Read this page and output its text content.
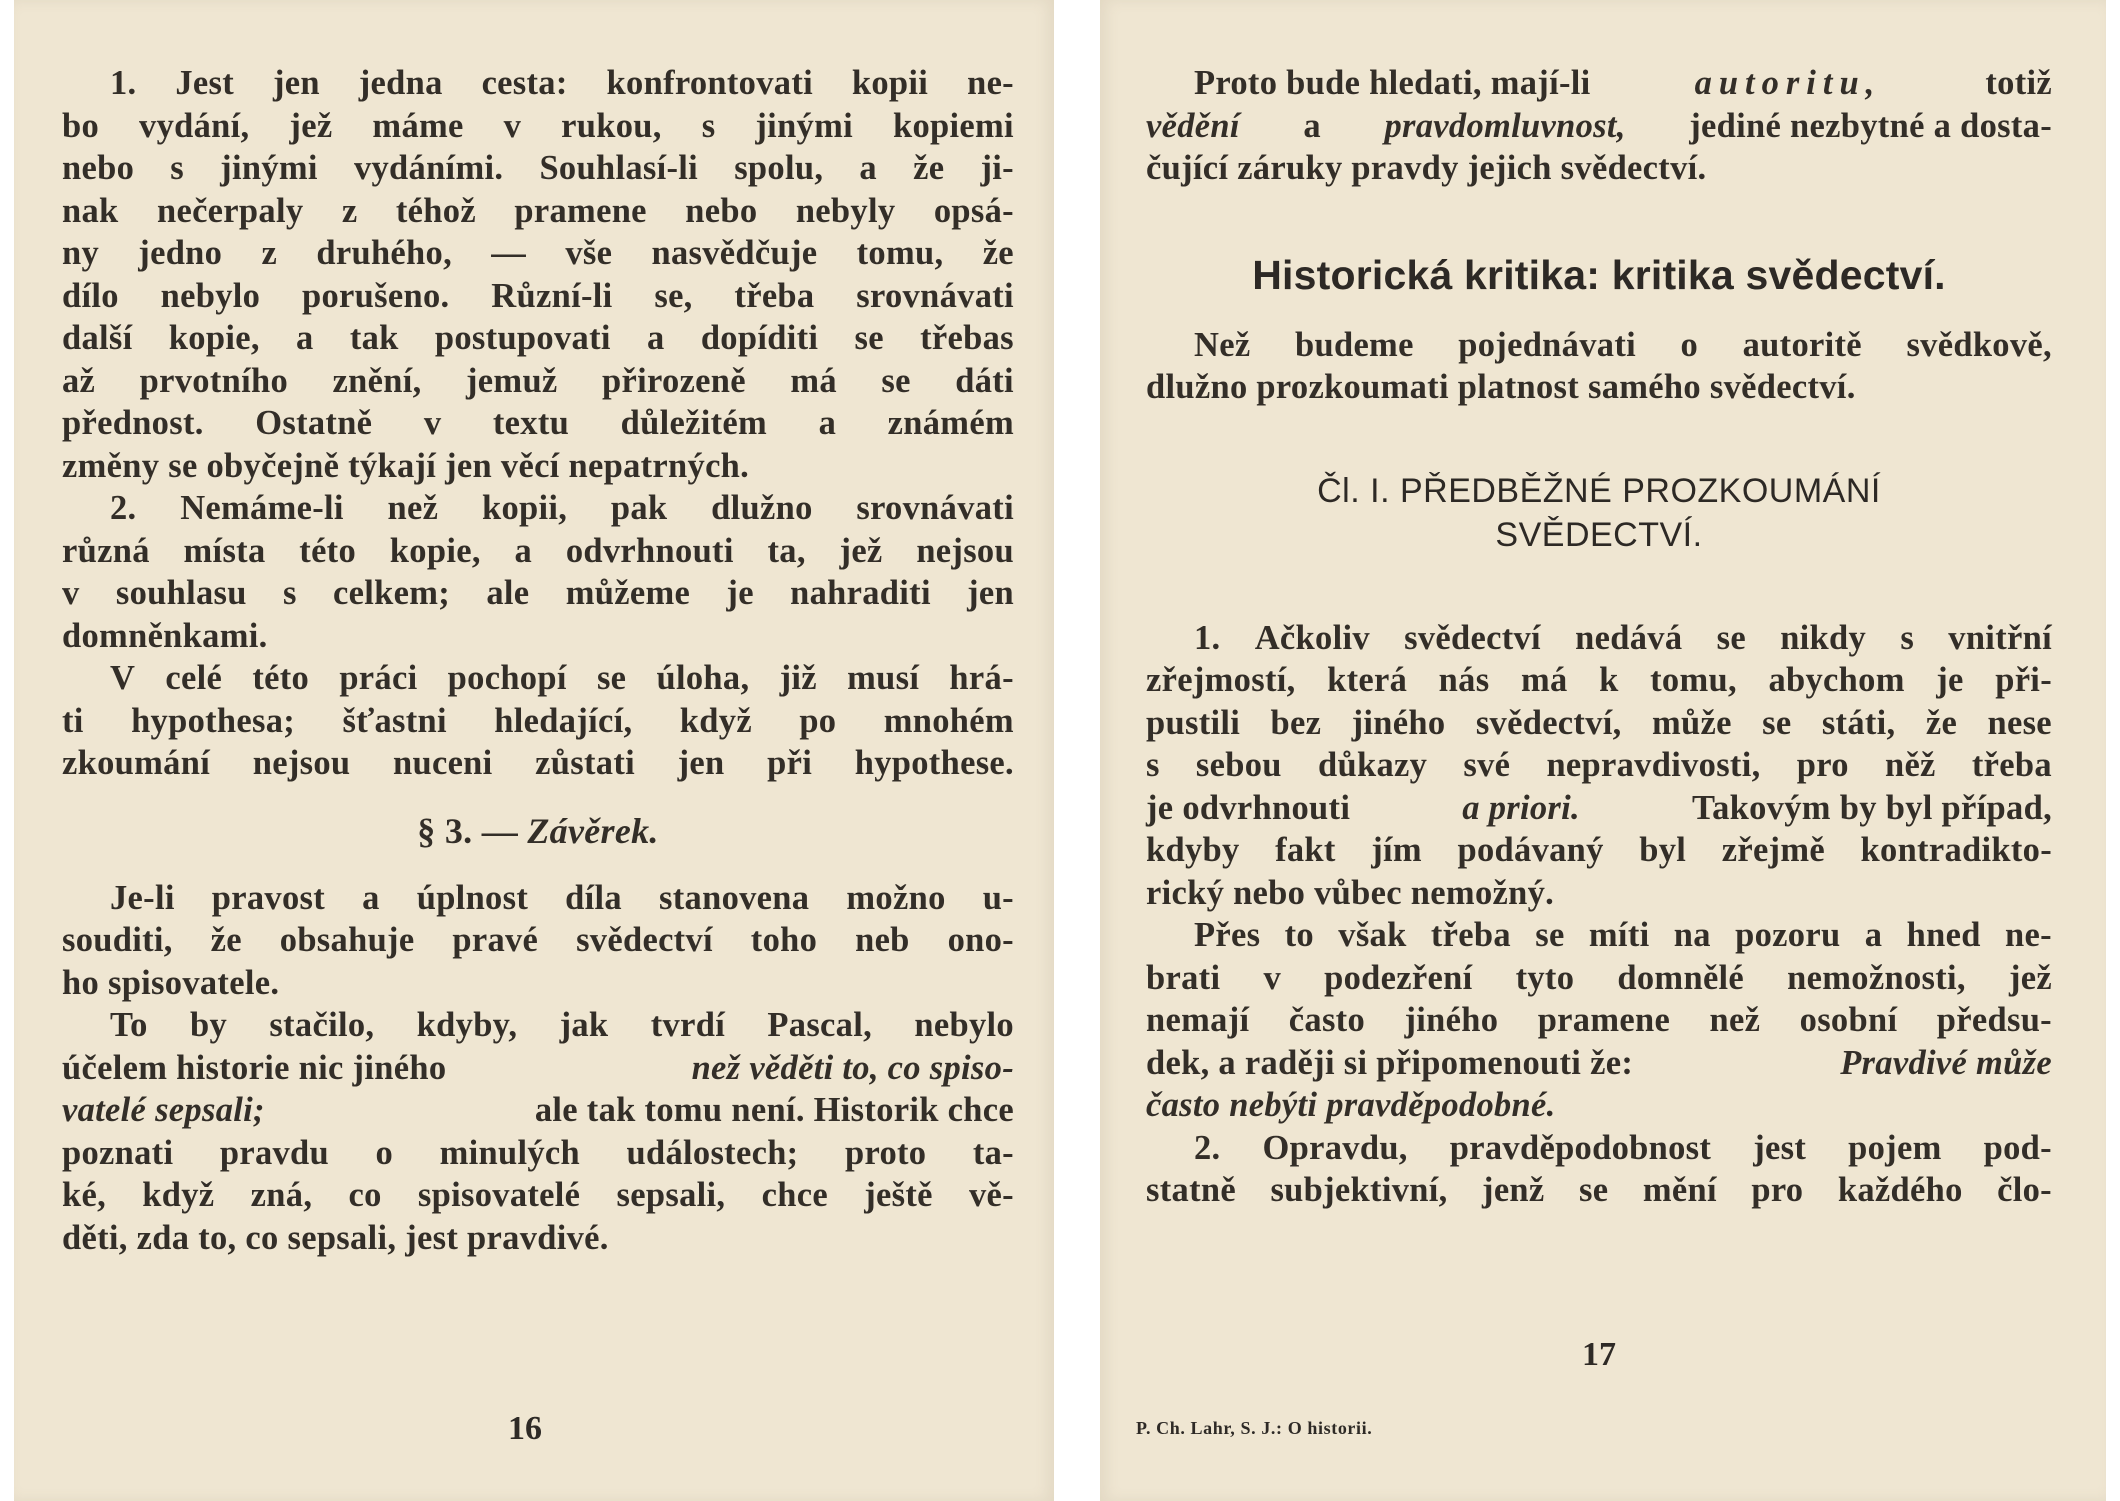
1. Jest jen jedna cesta: konfrontovati kopii ne-
bo vydání, jež máme v rukou, s jinými kopiemi
nebo s jinými vydáními. Souhlasí-li spolu, a že ji-
nak nečerpaly z téhož pramene nebo nebyly opsá-
ny jedno z druhého, — vše nasvědčuje tomu, že
dílo nebylo porušeno. Různí-li se, třeba srovnávati
další kopie, a tak postupovati a dopíditi se třebas
až prvotního znění, jemuž přirozeně má se dáti
přednost. Ostatně v textu důležitém a známém
změny se obyčejně týkají jen věcí nepatrných.
2. Nemáme-li než kopii, pak dlužno srovnávati
různá místa této kopie, a odvrhnouti ta, jež nejsou
v souhlasu s celkem; ale můžeme je nahraditi jen
domněnkami.
V celé této práci pochopí se úloha, již musí hrá-
ti hypothesa; šťastni hledající, když po mnohém
zkoumání nejsou nuceni zůstati jen při hypothese.
§ 3. — Závěrek.
Je-li pravost a úplnost díla stanovena možno u-
souditi, že obsahuje pravé svědectví toho neb ono-
ho spisovatele.
To by stačilo, kdyby, jak tvrdí Pascal, nebylo
účelem historie nic jiného	než věděti to, co spiso-
vatelé sepsali;	ale tak tomu není. Historik chce
poznati pravdu o minulých událostech; proto ta-
ké, když zná, co spisovatelé sepsali, chce ještě vě-
děti, zda to, co sepsali, jest pravdivé.
16
Proto bude hledati, mají-li	autoritu,	totiž
vědění a pravdomluvnost, jediné nezbytné a dosta-
čující záruky pravdy jejich svědectví.
Historická kritika: kritika svědectví.
Než budeme pojednávati o autoritě svědkově,
dlužno prozkoumati platnost samého svědectví.
Čl. I. PŘEDBĚŽNÉ PROZKOUMÁNÍ
SVĚDECTVÍ.
1. Ačkoliv svědectví nedává se nikdy s vnitřní
zřejmostí, která nás má k tomu, abychom je při-
pustili bez jiného svědectví, může se státi, že nese
s sebou důkazy své nepravdivosti, pro něž třeba
je odvrhnouti	a priori.	Takovým by byl případ,
kdyby fakt jím podávaný byl zřejmě kontradikto-
rický nebo vůbec nemožný.
Přes to však třeba se míti na pozoru a hned ne-
brati v podezření tyto domnělé nemožnosti, jež
nemají často jiného pramene než osobní předsu-
dek, a raději si připomenouti že:	Pravdivé může
často nebýti pravděpodobné.
2. Opravdu, pravděpodobnost jest pojem pod-
statně subjektivní, jenž se mění pro každého člo-
17
P. Ch. Lahr, S. J.: O historii.
